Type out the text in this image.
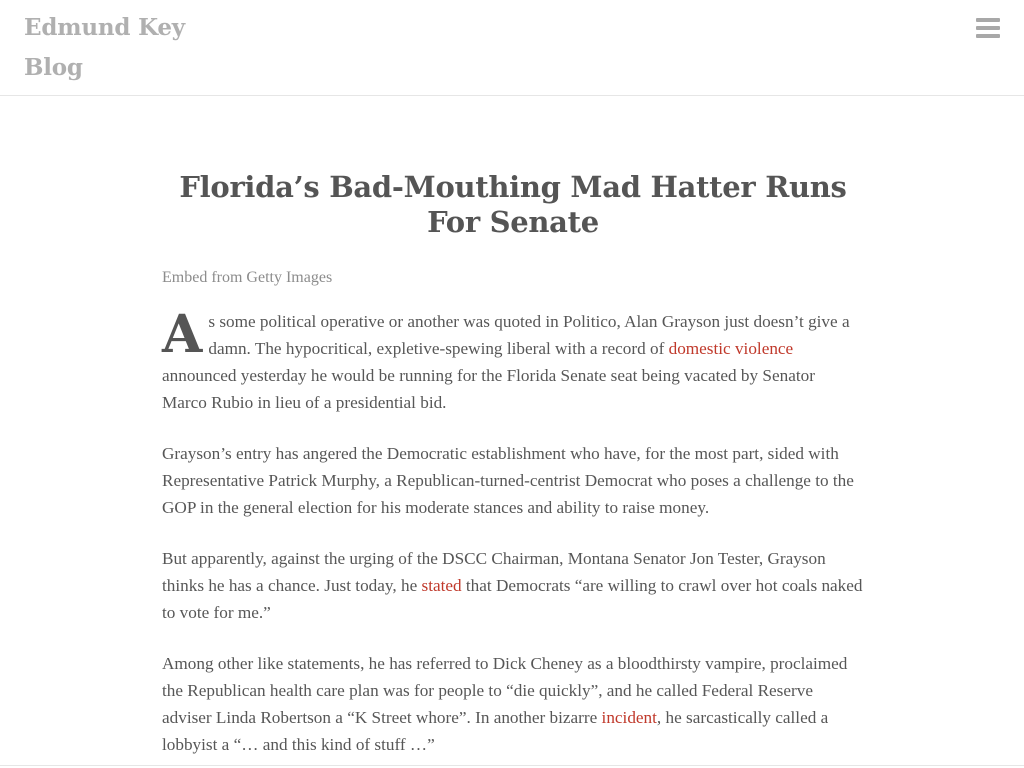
Edmund Key Blog
Florida’s Bad-Mouthing Mad Hatter Runs For Senate
Embed from Getty Images

As some political operative or another was quoted in Politico, Alan Grayson just doesn’t give a damn. The hypocritical, expletive-spewing liberal with a record of domestic violence announced yesterday he would be running for the Florida Senate seat being vacated by Senator Marco Rubio in lieu of a presidential bid.

Grayson’s entry has angered the Democratic establishment who have, for the most part, sided with Representative Patrick Murphy, a Republican-turned-centrist Democrat who poses a challenge to the GOP in the general election for his moderate stances and ability to raise money.

But apparently, against the urging of the DSCC Chairman, Montana Senator Jon Tester, Grayson thinks he has a chance. Just today, he stated that Democrats “are willing to crawl over hot coals naked to vote for me.”

Among other like statements, he has referred to Dick Cheney as a bloodthirsty vampire, proclaimed the Republican health care plan was for people to “die quickly”, and he called Federal Reserve adviser Linda Robertson a “K Street whore”. In another bizarre incident, he sarcastically called a lobbyist a “… and this kind of stuff …”
